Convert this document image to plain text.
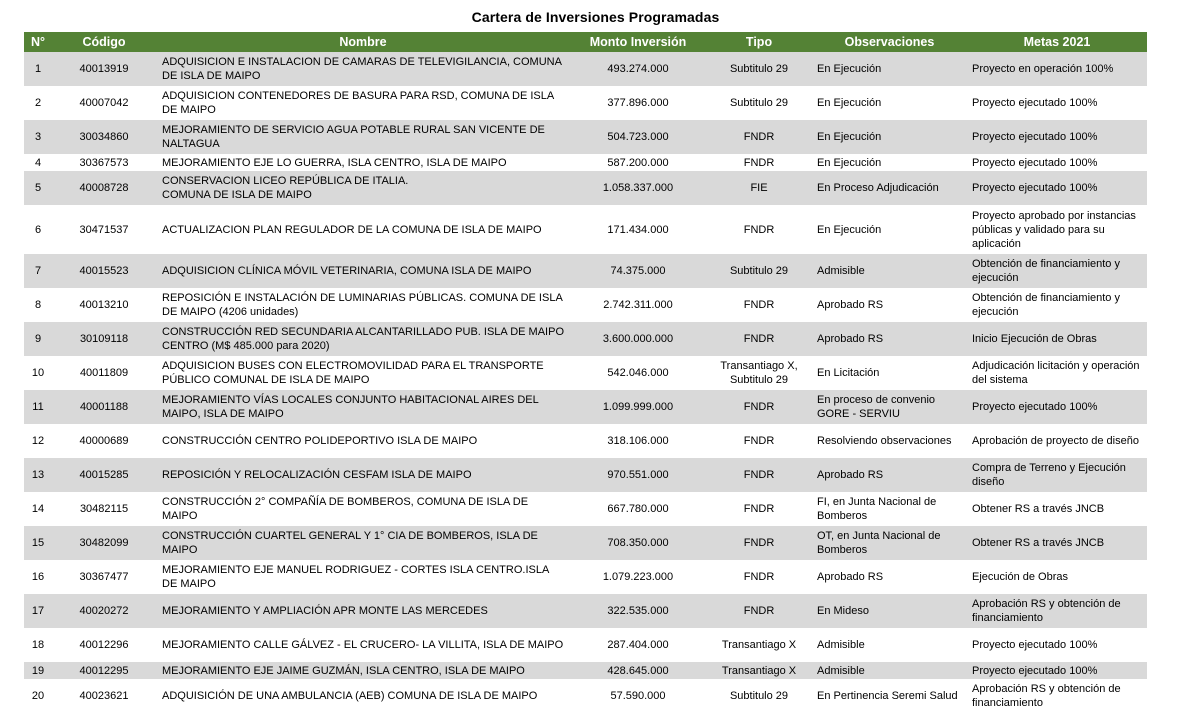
Cartera de Inversiones Programadas
N°	Código	Nombre	Monto Inversión	Tipo	Observaciones	Metas 2021
1	40013919	ADQUISICION E INSTALACION DE CAMARAS DE TELEVIGILANCIA, COMUNA DE ISLA DE MAIPO	493.274.000	Subtitulo 29	En Ejecución	Proyecto en operación 100%
2	40007042	ADQUISICION CONTENEDORES DE BASURA PARA RSD, COMUNA DE ISLA DE MAIPO	377.896.000	Subtitulo 29	En Ejecución	Proyecto ejecutado 100%
3	30034860	MEJORAMIENTO DE SERVICIO AGUA POTABLE RURAL SAN VICENTE DE NALTAGUA	504.723.000	FNDR	En Ejecución	Proyecto ejecutado 100%
4	30367573	MEJORAMIENTO EJE LO GUERRA, ISLA CENTRO, ISLA DE MAIPO	587.200.000	FNDR	En Ejecución	Proyecto ejecutado 100%
5	40008728	CONSERVACION LICEO REPÚBLICA DE ITALIA.
COMUNA DE ISLA DE MAIPO	1.058.337.000	FIE	En Proceso Adjudicación	Proyecto ejecutado 100%
6	30471537	ACTUALIZACION PLAN REGULADOR DE LA COMUNA DE ISLA DE MAIPO	171.434.000	FNDR	En Ejecución	Proyecto aprobado por instancias públicas y validado para su aplicación
7	40015523	ADQUISICION CLÍNICA MÓVIL VETERINARIA, COMUNA ISLA DE MAIPO	74.375.000	Subtitulo 29	Admisible	Obtención de financiamiento y ejecución
8	40013210	REPOSICIÓN E INSTALACIÓN DE LUMINARIAS PÚBLICAS. COMUNA DE ISLA DE MAIPO (4206 unidades)	2.742.311.000	FNDR	Aprobado RS	Obtención de financiamiento y ejecución
9	30109118	CONSTRUCCIÓN RED SECUNDARIA ALCANTARILLADO PUB. ISLA DE MAIPO CENTRO (M$ 485.000 para 2020)	3.600.000.000	FNDR	Aprobado RS	Inicio Ejecución de Obras
10	40011809	ADQUISICION BUSES CON ELECTROMOVILIDAD PARA EL TRANSPORTE PÚBLICO COMUNAL DE ISLA DE MAIPO	542.046.000	Transantiago X, Subtitulo 29	En Licitación	Adjudicación licitación y operación del sistema
11	40001188	MEJORAMIENTO VÍAS LOCALES CONJUNTO HABITACIONAL AIRES DEL MAIPO, ISLA DE MAIPO	1.099.999.000	FNDR	En proceso de convenio GORE - SERVIU	Proyecto ejecutado 100%
12	40000689	CONSTRUCCIÓN CENTRO POLIDEPORTIVO ISLA DE MAIPO	318.106.000	FNDR	Resolviendo observaciones	Aprobación de proyecto de diseño
13	40015285	REPOSICIÓN Y RELOCALIZACIÓN CESFAM ISLA DE MAIPO	970.551.000	FNDR	Aprobado RS	Compra de Terreno y Ejecución diseño
14	30482115	CONSTRUCCIÓN 2° COMPAÑÍA DE BOMBEROS, COMUNA DE ISLA DE MAIPO	667.780.000	FNDR	FI, en Junta Nacional de Bomberos	Obtener RS a través JNCB
15	30482099	CONSTRUCCIÓN CUARTEL GENERAL Y 1° CIA DE BOMBEROS, ISLA DE MAIPO	708.350.000	FNDR	OT, en Junta Nacional de Bomberos	Obtener RS a través JNCB
16	30367477	MEJORAMIENTO EJE MANUEL RODRIGUEZ - CORTES ISLA CENTRO.ISLA DE MAIPO	1.079.223.000	FNDR	Aprobado RS	Ejecución de Obras
17	40020272	MEJORAMIENTO Y AMPLIACIÓN APR MONTE LAS MERCEDES	322.535.000	FNDR	En Mideso	Aprobación RS y obtención de financiamiento
18	40012296	MEJORAMIENTO CALLE GÁLVEZ - EL CRUCERO- LA VILLITA, ISLA DE MAIPO	287.404.000	Transantiago X	Admisible	Proyecto ejecutado 100%
19	40012295	MEJORAMIENTO EJE JAIME GUZMÁN, ISLA CENTRO, ISLA DE MAIPO	428.645.000	Transantiago X	Admisible	Proyecto ejecutado 100%
20	40023621	ADQUISICIÓN DE UNA AMBULANCIA (AEB) COMUNA DE ISLA DE MAIPO	57.590.000	Subtitulo 29	En Pertinencia Seremi Salud	Aprobación RS y obtención de financiamiento
